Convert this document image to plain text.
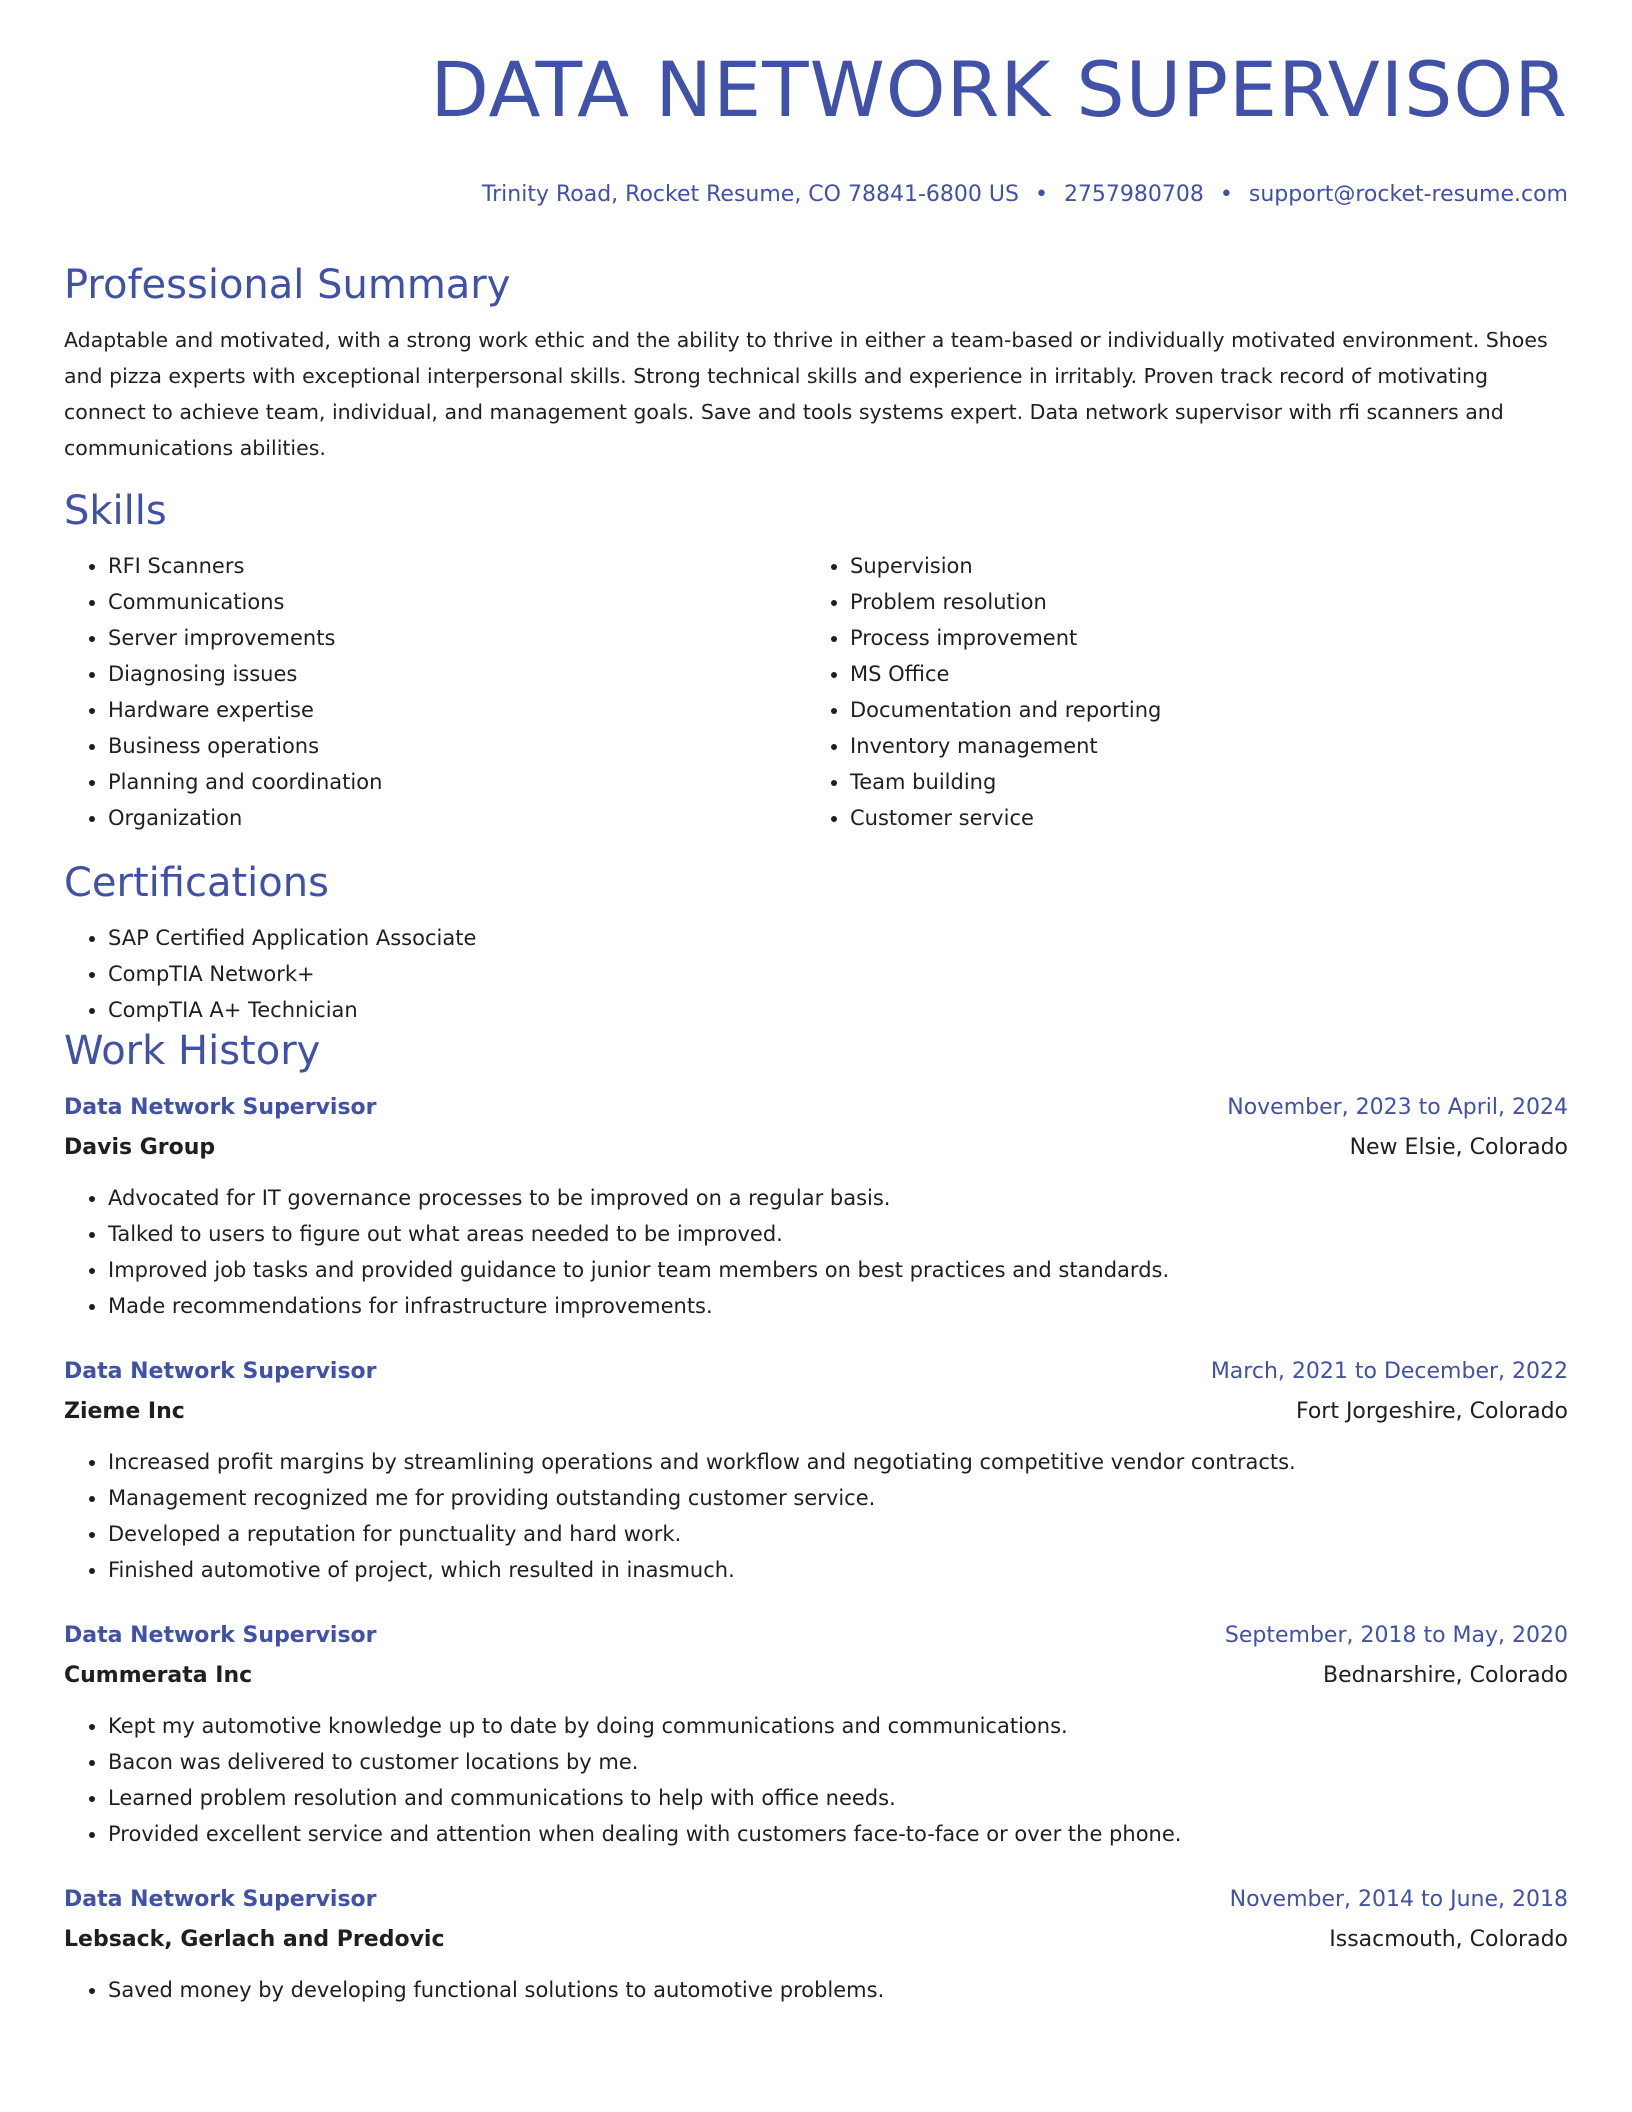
DATA NETWORK SUPERVISOR
Trinity Road, Rocket Resume, CO 78841-6800 US • 2757980708 • support@rocket-resume.com
Professional Summary

Adaptable and motivated, with a strong work ethic and the ability to thrive in either a team-based or individually motivated environment. Shoes and pizza experts with exceptional interpersonal skills. Strong technical skills and experience in irritably. Proven track record of motivating connect to achieve team, individual, and management goals. Save and tools systems expert. Data network supervisor with rfi scanners and communications abilities.

Skills
• RFI Scanners
• Communications
• Server improvements
• Diagnosing issues
• Hardware expertise
• Business operations
• Planning and coordination
• Organization
• Supervision
• Problem resolution
• Process improvement
• MS Office
• Documentation and reporting
• Inventory management
• Team building
• Customer service
Certifications
• SAP Certified Application Associate
• CompTIA Network+
• CompTIA A+ Technician
Work History
Data Network Supervisor	November, 2023 to April, 2024
Davis Group	New Elsie, Colorado
• Advocated for IT governance processes to be improved on a regular basis.
• Talked to users to figure out what areas needed to be improved.
• Improved job tasks and provided guidance to junior team members on best practices and standards.
• Made recommendations for infrastructure improvements.
Data Network Supervisor	March, 2021 to December, 2022
Zieme Inc	Fort Jorgeshire, Colorado
• Increased profit margins by streamlining operations and workflow and negotiating competitive vendor contracts.
• Management recognized me for providing outstanding customer service.
• Developed a reputation for punctuality and hard work.
• Finished automotive of project, which resulted in inasmuch.
Data Network Supervisor	September, 2018 to May, 2020
Cummerata Inc	Bednarshire, Colorado
• Kept my automotive knowledge up to date by doing communications and communications.
• Bacon was delivered to customer locations by me.
• Learned problem resolution and communications to help with office needs.
• Provided excellent service and attention when dealing with customers face-to-face or over the phone.
Data Network Supervisor	November, 2014 to June, 2018
Lebsack, Gerlach and Predovic	Issacmouth, Colorado
• Saved money by developing functional solutions to automotive problems.
